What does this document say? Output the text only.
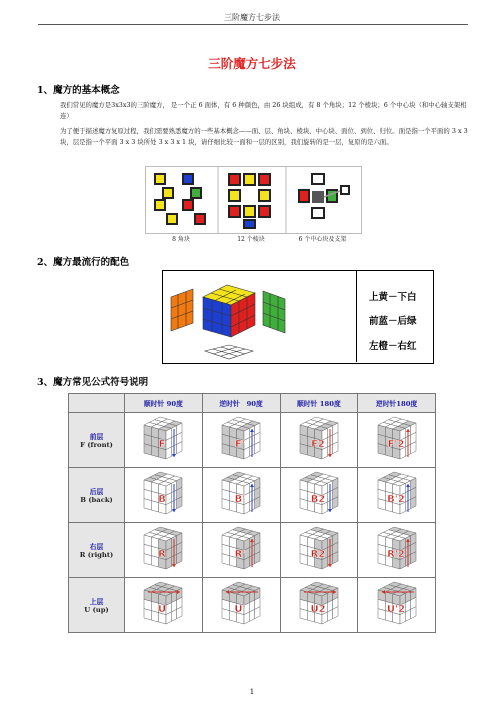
三阶魔方七步法
三阶魔方七步法
1、魔方的基本概念
我们常见的魔方是3x3x3的三阶魔方， 是一个正 6 面体，有 6 种颜色，由 26 块组成，有 8 个角块；12 个棱块；6 个中心块（和中心轴支架相连）
为了便于描述魔方复原过程，我们需要熟悉魔方的一些基本概念——面、层、角块、棱块、中心块、面位、到位、归位。面是指一个平面的 3 x 3 块，层是指一个平面 3 x 3 块所处 3 x 3 x 1 块，请仔细比较一面和一层的区别，我们旋转的是一层，复原的是六面。
8 角块	12 个棱块	6 个中心块及支架
2、魔方最流行的配色
上黄－下白
前蓝－后绿
左橙－右红
3、魔方常见公式符号说明
	顺时针 90度	逆时针　90度	顺时针 180度	逆时针180度

前层
F (front)	F	F'	F2	F'2

后层
B (back)	B	B'	B2	B'2

右层
R (right)	R	R'	R2	R'2

上层
U (up)	U	U'	U2	U'2
1
